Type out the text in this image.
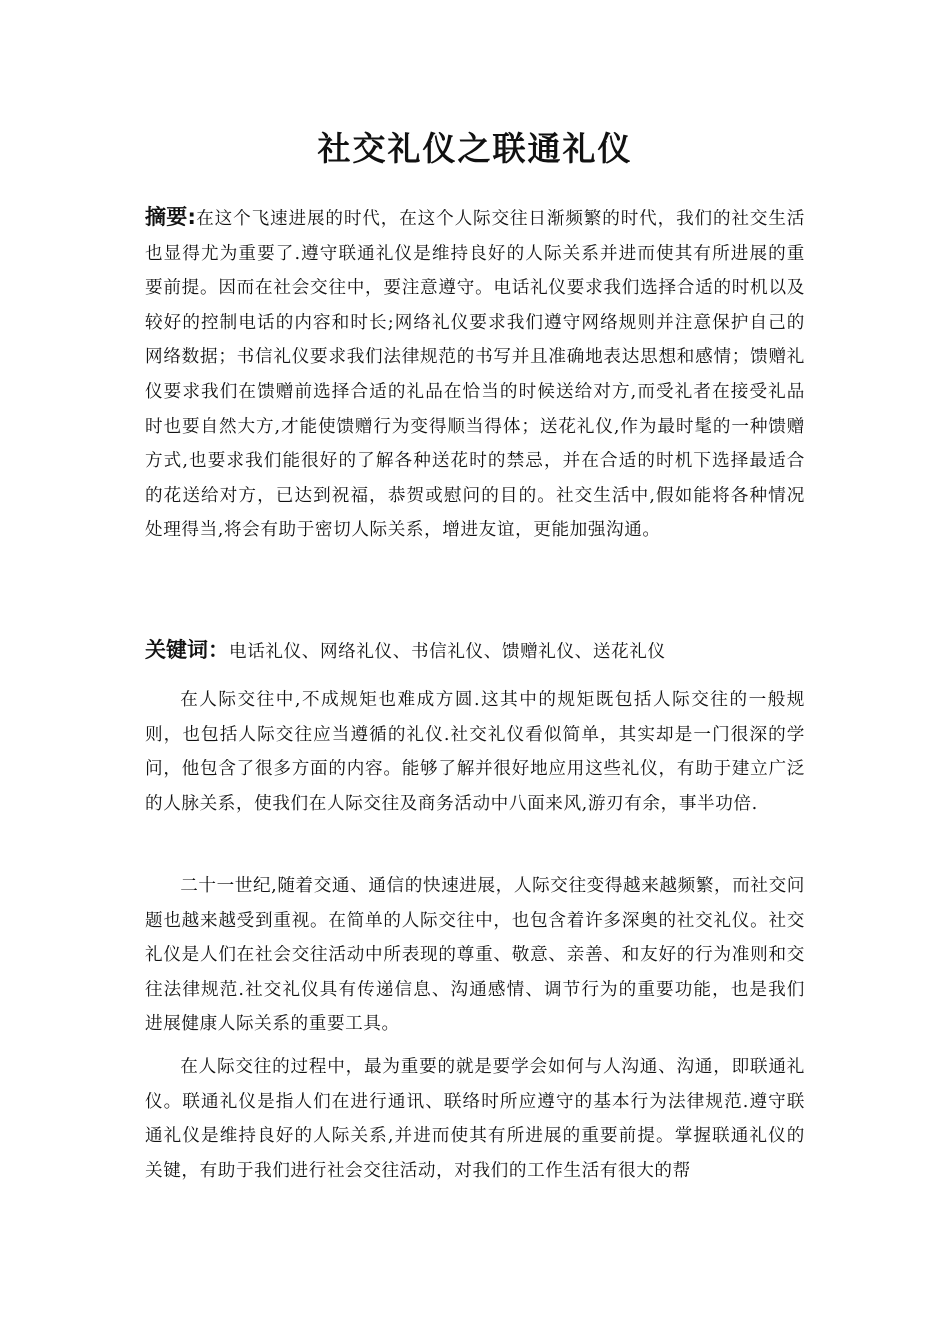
社交礼仪之联通礼仪

摘要:在这个飞速进展的时代，在这个人际交往日渐频繁的时代，我们的社交生活也显得尤为重要了.遵守联通礼仪是维持良好的人际关系并进而使其有所进展的重要前提。因而在社会交往中，要注意遵守。电话礼仪要求我们选择合适的时机以及较好的控制电话的内容和时长;网络礼仪要求我们遵守网络规则并注意保护自己的网络数据；书信礼仪要求我们法律规范的书写并且准确地表达思想和感情；馈赠礼仪要求我们在馈赠前选择合适的礼品在恰当的时候送给对方,而受礼者在接受礼品时也要自然大方,才能使馈赠行为变得顺当得体；送花礼仪,作为最时髦的一种馈赠方式,也要求我们能很好的了解各种送花时的禁忌，并在合适的时机下选择最适合的花送给对方，已达到祝福，恭贺或慰问的目的。社交生活中,假如能将各种情况处理得当,将会有助于密切人际关系，增进友谊，更能加强沟通。

关键词：电话礼仪、网络礼仪、书信礼仪、馈赠礼仪、送花礼仪

在人际交往中,不成规矩也难成方圆.这其中的规矩既包括人际交往的一般规则，也包括人际交往应当遵循的礼仪.社交礼仪看似简单，其实却是一门很深的学问，他包含了很多方面的内容。能够了解并很好地应用这些礼仪，有助于建立广泛的人脉关系，使我们在人际交往及商务活动中八面来风,游刃有余，事半功倍.

二十一世纪,随着交通、通信的快速进展，人际交往变得越来越频繁，而社交问题也越来越受到重视。在简单的人际交往中，也包含着许多深奥的社交礼仪。社交礼仪是人们在社会交往活动中所表现的尊重、敬意、亲善、和友好的行为准则和交往法律规范.社交礼仪具有传递信息、沟通感情、调节行为的重要功能，也是我们进展健康人际关系的重要工具。

在人际交往的过程中，最为重要的就是要学会如何与人沟通、沟通，即联通礼仪。联通礼仪是指人们在进行通讯、联络时所应遵守的基本行为法律规范.遵守联通礼仪是维持良好的人际关系,并进而使其有所进展的重要前提。掌握联通礼仪的关键，有助于我们进行社会交往活动，对我们的工作生活有很大的帮
